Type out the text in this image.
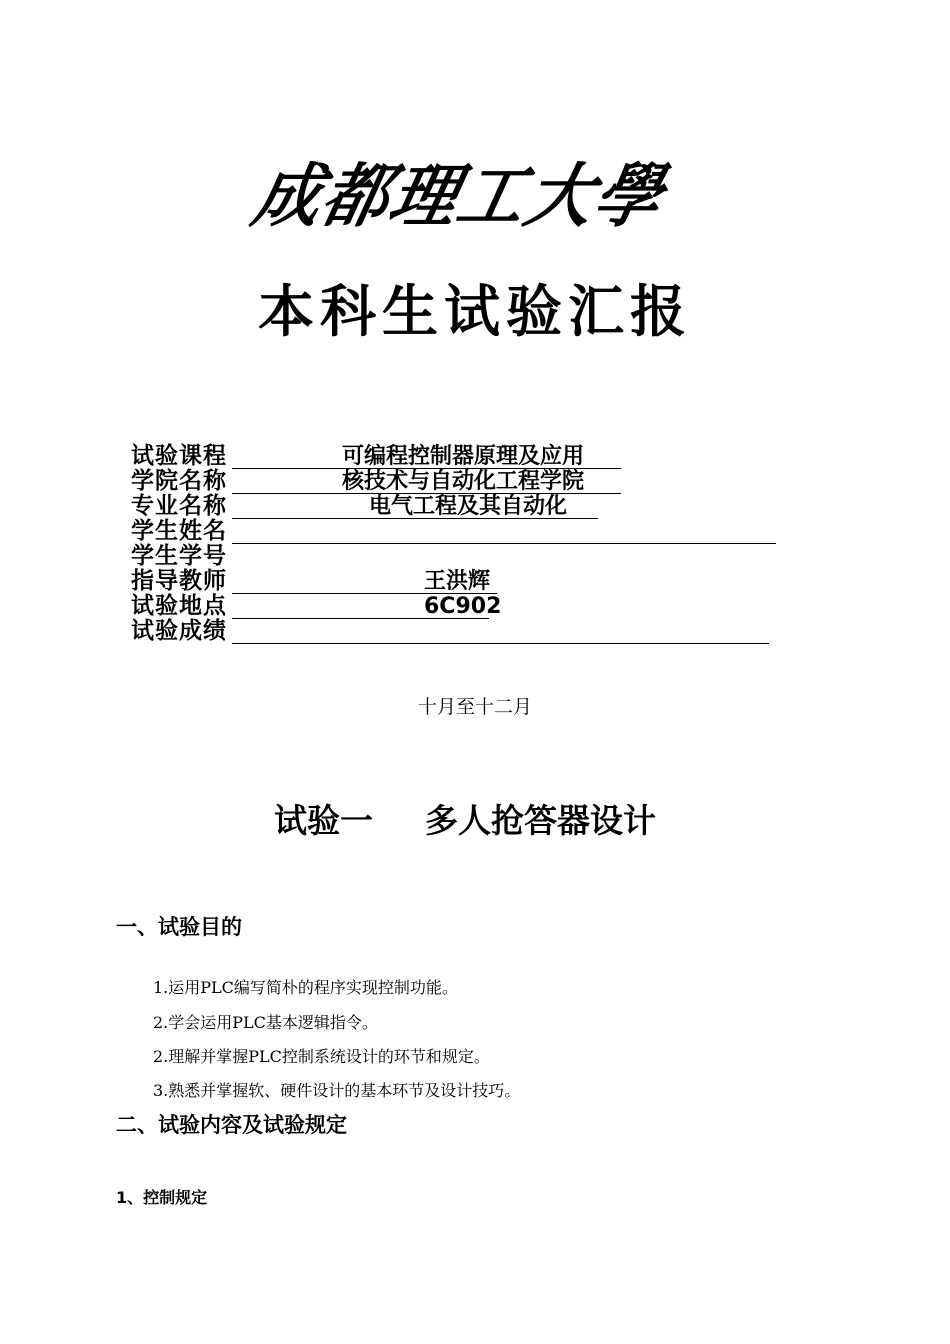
成都理工大學
本科生试验汇报
试验课程	可编程控制器原理及应用
学院名称	核技术与自动化工程学院
专业名称	电气工程及其自动化
学生姓名
学生学号
指导教师	王洪辉
试验地点	6C902
试验成绩
十月至十二月
试验一 多人抢答器设计
一、试验目的
1.运用PLC编写简朴的程序实现控制功能。
2.学会运用PLC基本逻辑指令。
2.理解并掌握PLC控制系统设计的环节和规定。
3.熟悉并掌握软、硬件设计的基本环节及设计技巧。
二、试验内容及试验规定
1、控制规定
